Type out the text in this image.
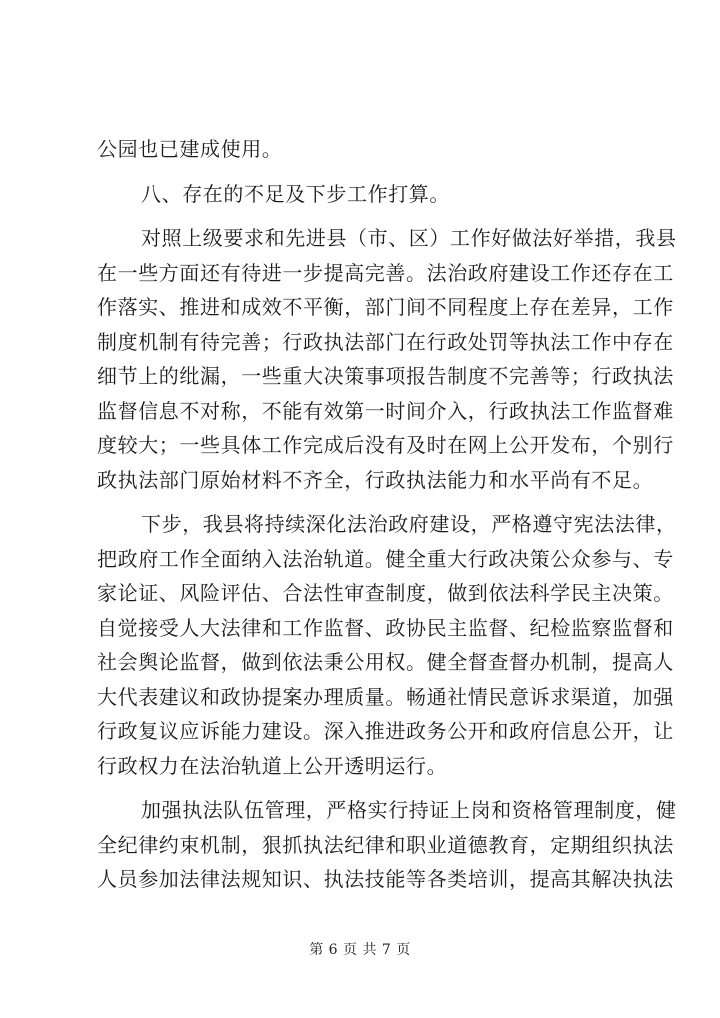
公园也已建成使用。

八、存在的不足及下步工作打算。

对照上级要求和先进县（市、区）工作好做法好举措，我县
在一些方面还有待进一步提高完善。法治政府建设工作还存在工
作落实、推进和成效不平衡，部门间不同程度上存在差异，工作
制度机制有待完善；行政执法部门在行政处罚等执法工作中存在
细节上的纰漏，一些重大决策事项报告制度不完善等；行政执法
监督信息不对称，不能有效第一时间介入，行政执法工作监督难
度较大；一些具体工作完成后没有及时在网上公开发布，个别行
政执法部门原始材料不齐全，行政执法能力和水平尚有不足。

下步，我县将持续深化法治政府建设，严格遵守宪法法律，
把政府工作全面纳入法治轨道。健全重大行政决策公众参与、专
家论证、风险评估、合法性审查制度，做到依法科学民主决策。
自觉接受人大法律和工作监督、政协民主监督、纪检监察监督和
社会舆论监督，做到依法秉公用权。健全督查督办机制，提高人
大代表建议和政协提案办理质量。畅通社情民意诉求渠道，加强
行政复议应诉能力建设。深入推进政务公开和政府信息公开，让
行政权力在法治轨道上公开透明运行。

加强执法队伍管理，严格实行持证上岗和资格管理制度，健
全纪律约束机制，狠抓执法纪律和职业道德教育，定期组织执法
人员参加法律法规知识、执法技能等各类培训，提高其解决执法

第 6 页 共 7 页
